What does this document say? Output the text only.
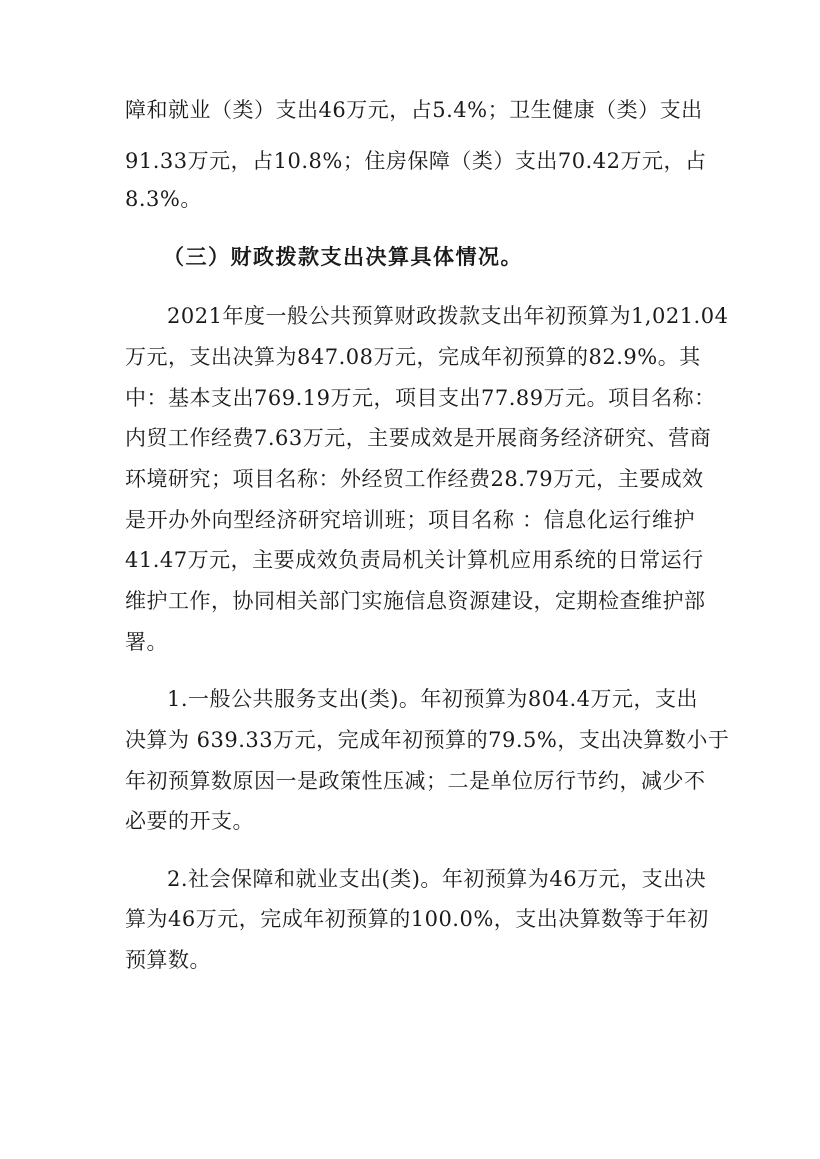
障和就业（类）支出46万元，占5.4%；卫生健康（类）支出
91.33万元，占10.8%；住房保障（类）支出70.42万元，占
8.3%。
（三）财政拨款支出决算具体情况。
2021年度一般公共预算财政拨款支出年初预算为1,021.04
万元，支出决算为847.08万元，完成年初预算的82.9%。其
中：基本支出769.19万元，项目支出77.89万元。项目名称：
内贸工作经费7.63万元，主要成效是开展商务经济研究、营商
环境研究；项目名称：外经贸工作经费28.79万元，主要成效
是开办外向型经济研究培训班；项目名称 ：信息化运行维护
41.47万元，主要成效负责局机关计算机应用系统的日常运行
维护工作，协同相关部门实施信息资源建设，定期检查维护部
署。
1.一般公共服务支出(类)。年初预算为804.4万元，支出
决算为 639.33万元，完成年初预算的79.5%，支出决算数小于
年初预算数原因一是政策性压减；二是单位厉行节约，减少不
必要的开支。
2.社会保障和就业支出(类)。年初预算为46万元，支出决
算为46万元，完成年初预算的100.0%，支出决算数等于年初
预算数。
